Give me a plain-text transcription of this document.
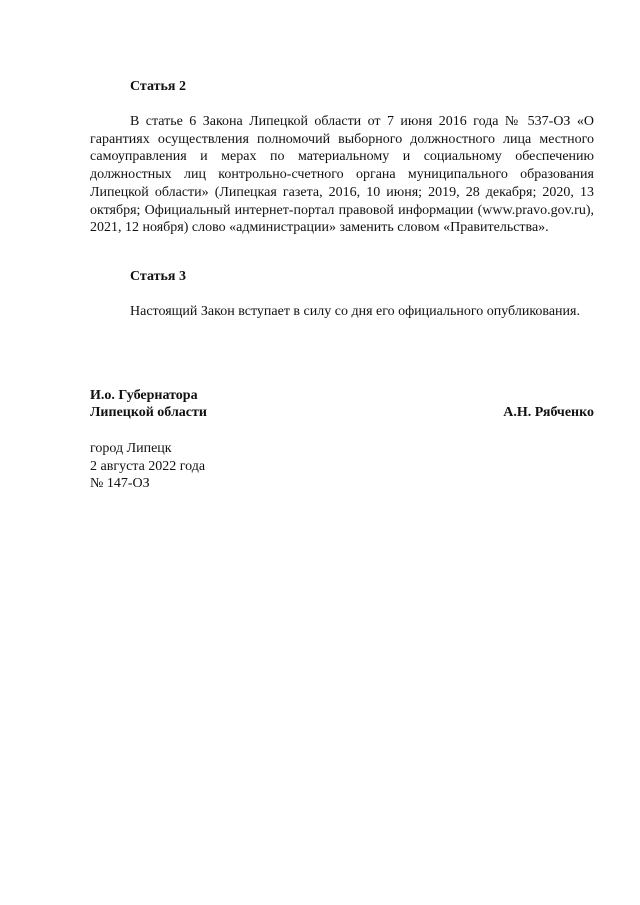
Статья 2

В статье 6 Закона Липецкой области от 7 июня 2016 года № 537-ОЗ «О гарантиях осуществления полномочий выборного должностного лица местного самоуправления и мерах по материальному и социальному обеспечению должностных лиц контрольно-счетного органа муниципального образования Липецкой области» (Липецкая газета, 2016, 10 июня; 2019, 28 декабря; 2020, 13 октября; Официальный интернет-портал правовой информации (www.pravo.gov.ru), 2021, 12 ноября) слово «администрации» заменить словом «Правительства».

Статья 3

Настоящий Закон вступает в силу со дня его официального опубликования.

И.о. Губернатора
Липецкой области	А.Н. Рябченко
город Липецк
2 августа 2022 года
№ 147-ОЗ
